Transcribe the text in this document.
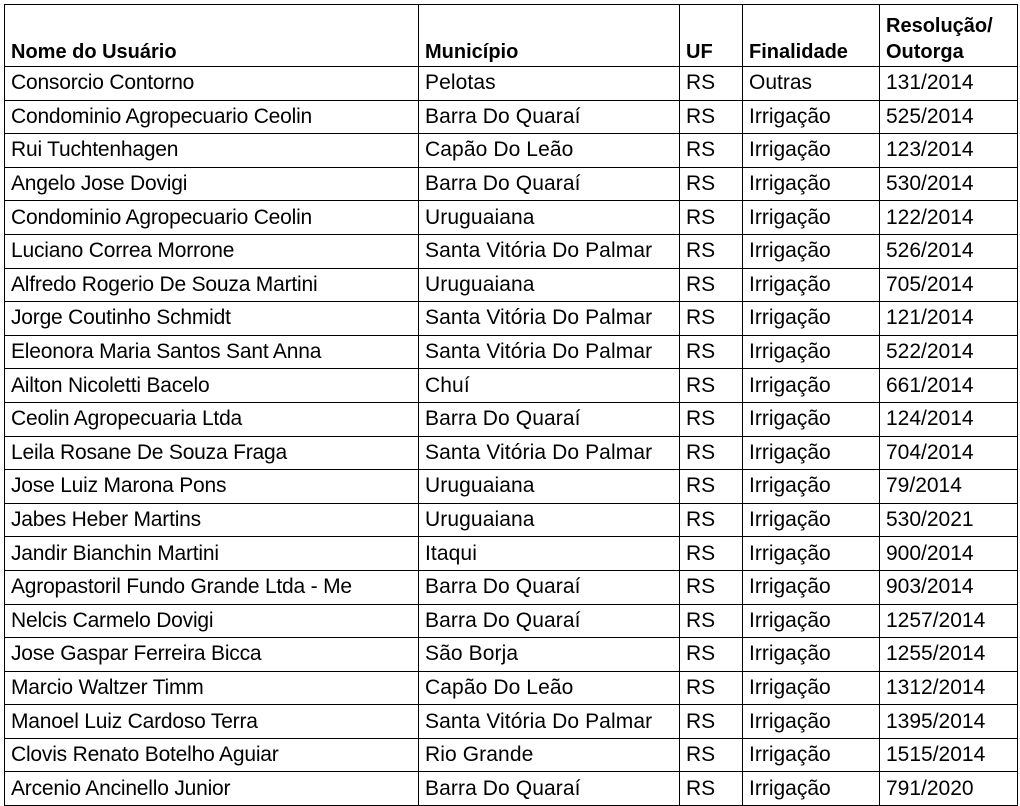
Nome do Usuário	Município	UF	Finalidade	Resolução/
Outorga

Consorcio Contorno	Pelotas	RS	Outras	131/2014
Condominio Agropecuario Ceolin	Barra Do Quaraí	RS	Irrigação	525/2014
Rui Tuchtenhagen	Capão Do Leão	RS	Irrigação	123/2014
Angelo Jose Dovigi	Barra Do Quaraí	RS	Irrigação	530/2014
Condominio Agropecuario Ceolin	Uruguaiana	RS	Irrigação	122/2014
Luciano Correa Morrone	Santa Vitória Do Palmar	RS	Irrigação	526/2014
Alfredo Rogerio De Souza Martini	Uruguaiana	RS	Irrigação	705/2014
Jorge Coutinho Schmidt	Santa Vitória Do Palmar	RS	Irrigação	121/2014
Eleonora Maria Santos Sant Anna	Santa Vitória Do Palmar	RS	Irrigação	522/2014
Ailton Nicoletti Bacelo	Chuí	RS	Irrigação	661/2014
Ceolin Agropecuaria Ltda	Barra Do Quaraí	RS	Irrigação	124/2014
Leila Rosane De Souza Fraga	Santa Vitória Do Palmar	RS	Irrigação	704/2014
Jose Luiz Marona Pons	Uruguaiana	RS	Irrigação	79/2014
Jabes Heber Martins	Uruguaiana	RS	Irrigação	530/2021
Jandir Bianchin Martini	Itaqui	RS	Irrigação	900/2014
Agropastoril Fundo Grande Ltda - Me	Barra Do Quaraí	RS	Irrigação	903/2014
Nelcis Carmelo Dovigi	Barra Do Quaraí	RS	Irrigação	1257/2014
Jose Gaspar Ferreira Bicca	São Borja	RS	Irrigação	1255/2014
Marcio Waltzer Timm	Capão Do Leão	RS	Irrigação	1312/2014
Manoel Luiz Cardoso Terra	Santa Vitória Do Palmar	RS	Irrigação	1395/2014
Clovis Renato Botelho Aguiar	Rio Grande	RS	Irrigação	1515/2014
Arcenio Ancinello Junior	Barra Do Quaraí	RS	Irrigação	791/2020
